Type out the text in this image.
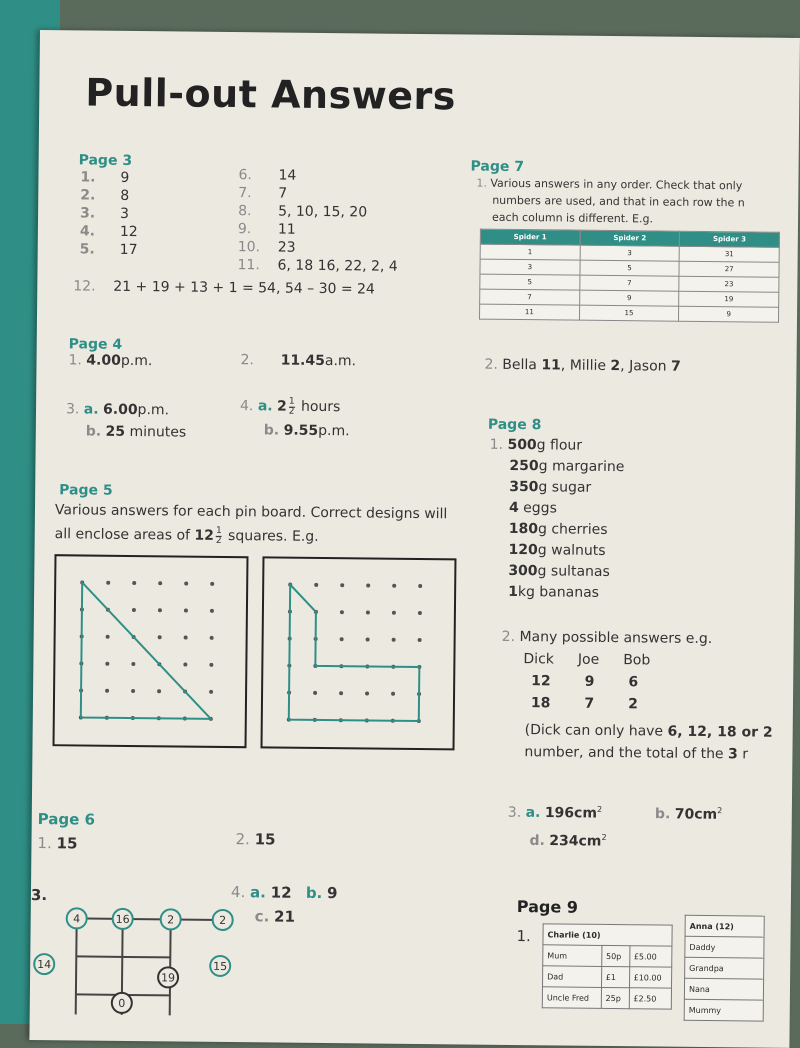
Pull-out Answers
Page 3
1. 9
2. 8
3. 3
4. 12
5. 17
6. 14
7. 7
8. 5, 10, 15, 20
9. 11
10. 23
11. 6, 18 16, 22, 2, 4
12. 21 + 19 + 13 + 1 = 54, 54 – 30 = 24
Page 7
1. Various answers in any order. Check that only
numbers are used, and that in each row the n
each column is different. E.g.
Spider 1	Spider 2	Spider 3
1	3	31
3	5	27
5	7	23
7	9	19
11	15	9
2. Bella 11, Millie 2, Jason 7
Page 4
1. 4.00p.m.	2. 11.45a.m.
3. a. 6.00p.m.
b. 25 minutes
4. a. $2 \frac{1}{2}$ hours
b. 9.55p.m.	Page 8
1. 500g flour
250g margarine
350g sugar
4 eggs
180g cherries
120g walnuts
300g sultanas
1kg bananas
Page 5
Various answers for each pin board. Correct designs will
all enclose areas of $12 \frac{1}{2}$ squares. E.g.
2. Many possible answers e.g.
Dick Joe Bob
12 9 6
18 7 2
(Dick can only have 6, 12, 18 or 2
number, and the total of the 3 r
3. a. $196cm^2$	b. $70cm^2$
d. $234cm^2$
Page 6
1. 15	2. 15
4. a. 12 b. 9
c. 21
3.
4	16	2	2
14	15
19
0
Page 9
1. Charlie (10)		
Mum	50p	£5.00
Dad	£1	£10.00
Uncle Fred	25p	£2.50
Anna (12)
Daddy
Grandpa
Nana
Mummy
